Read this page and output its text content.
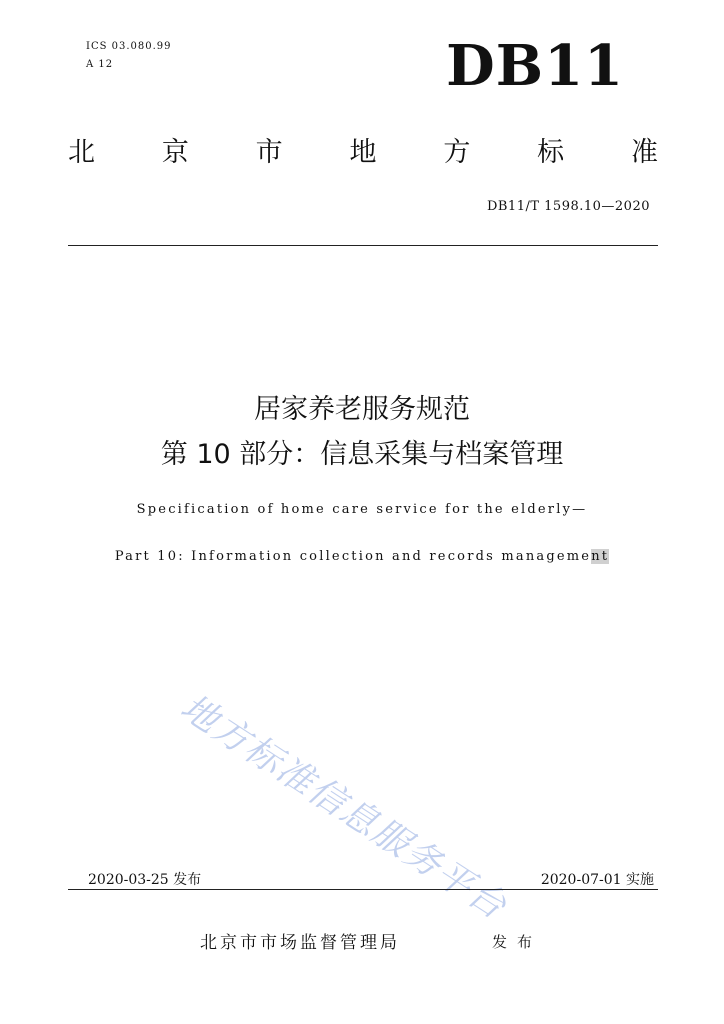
ICS 03.080.99
A 12	DB11
北 京 市 地 方 标 准
DB11/T 1598.10—2020
居家养老服务规范
第 10 部分：信息采集与档案管理
Specification of home care service for the elderly—
Part 10: Information collection and records management
地方标准信息服务平台
2020-03-25 发布	2020-07-01 实施
北京市市场监督管理局	发布
